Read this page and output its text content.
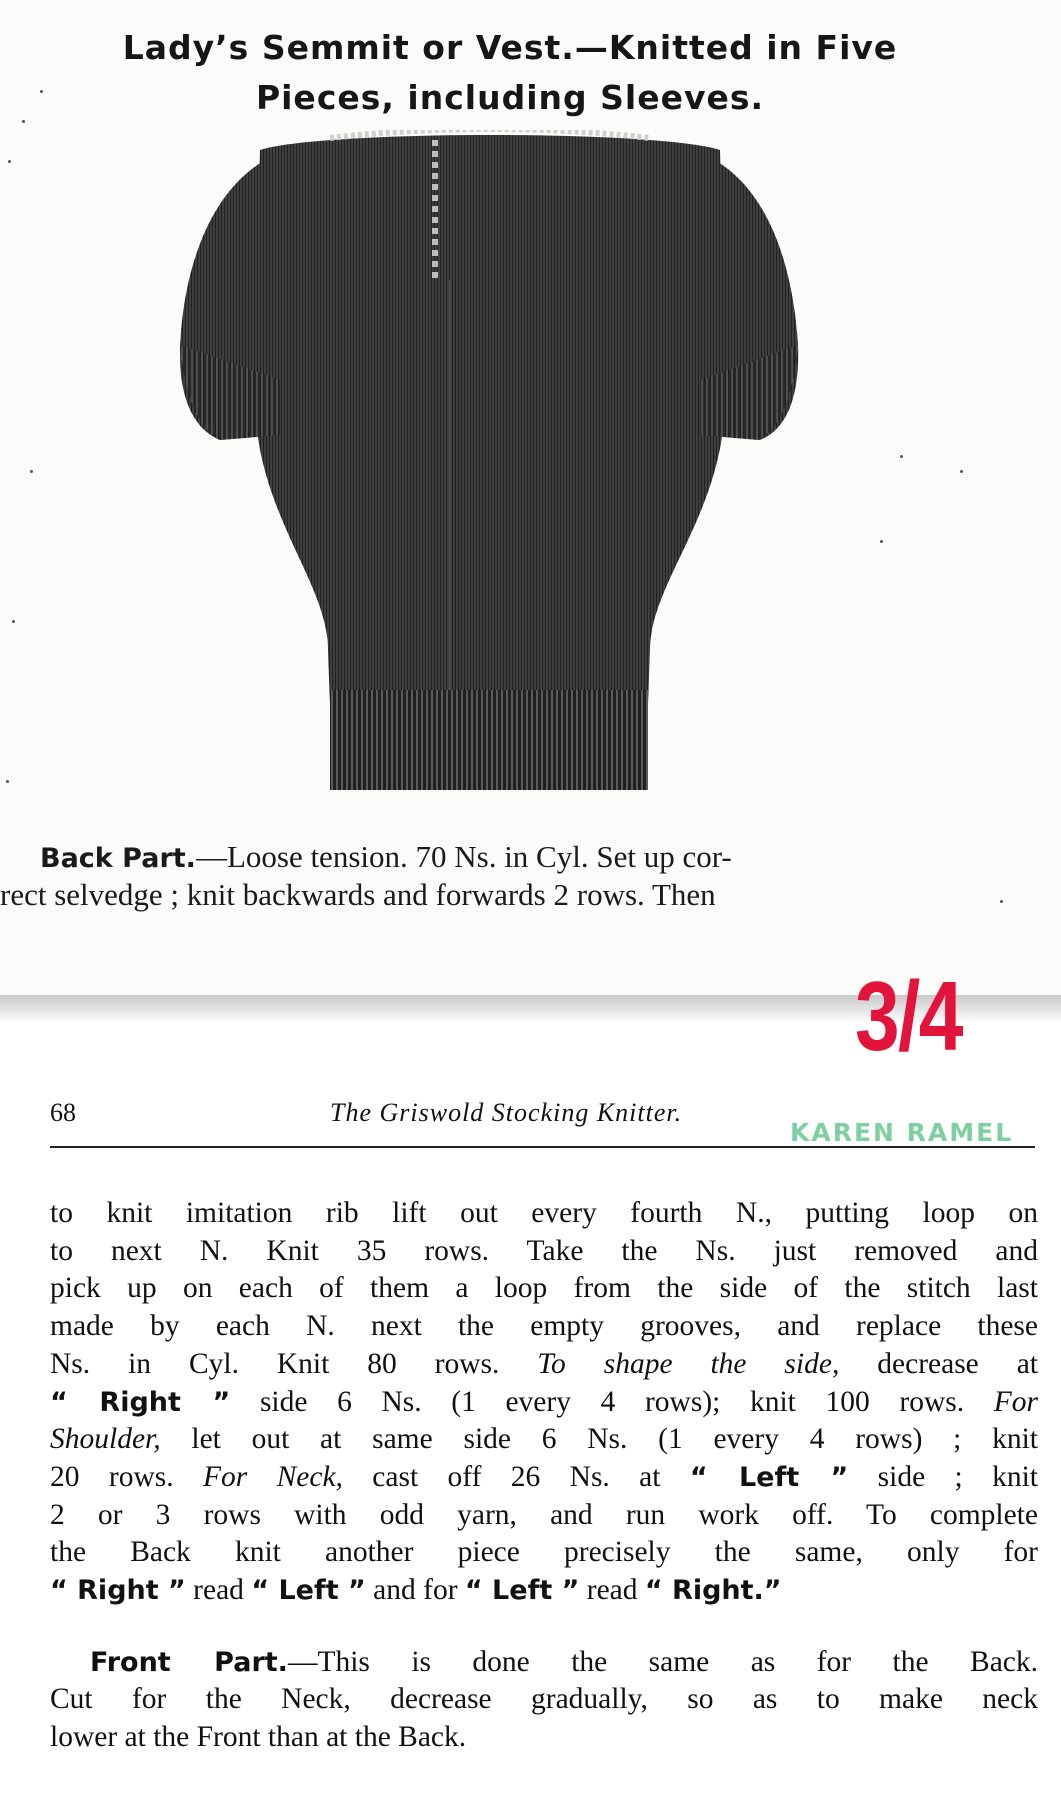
Lady’s Semmit or Vest.—Knitted in Five
Pieces, including Sleeves.
Back Part.—Loose tension. 70 Ns. in Cyl. Set up cor-
rect selvedge ; knit backwards and forwards 2 rows. Then
3/4
68	The Griswold Stocking Knitter.
KAREN RAMEL

to knit imitation rib lift out every fourth N., putting loop on
to next N. Knit 35 rows. Take the Ns. just removed and
pick up on each of them a loop from the side of the stitch last
made by each N. next the empty grooves, and replace these
Ns. in Cyl. Knit 80 rows. To shape the side, decrease at
“ Right ” side 6 Ns. (1 every 4 rows); knit 100 rows. For
Shoulder, let out at same side 6 Ns. (1 every 4 rows) ; knit
20 rows. For Neck, cast off 26 Ns. at “ Left ” side ; knit
2 or 3 rows with odd yarn, and run work off. To complete
the Back knit another piece precisely the same, only for
“ Right ” read “ Left ” and for “ Left ” read “ Right.”

Front Part.—This is done the same as for the Back.
Cut for the Neck, decrease gradually, so as to make neck
lower at the Front than at the Back.
